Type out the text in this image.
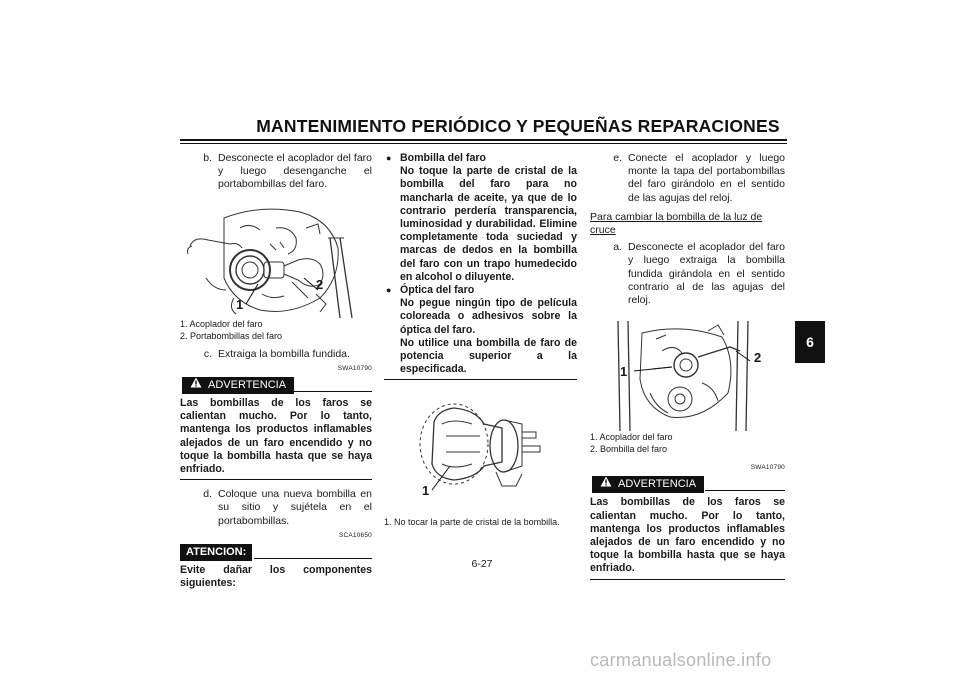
MANTENIMIENTO PERIÓDICO Y PEQUEÑAS REPARACIONES
6
b. Desconecte el acoplador del faro y luego desenganche el portabombillas del faro.
1
2
1. Acoplador del faro
2. Portabombillas del faro
c. Extraiga la bombilla fundida.
SWA10790
ADVERTENCIA
Las bombillas de los faros se calientan mucho. Por lo tanto, mantenga los productos inflamables alejados de un faro encendido y no toque la bombilla hasta que se haya enfriado.
d. Coloque una nueva bombilla en su sitio y sujétela en el portabombillas.
SCA10650
ATENCION:
Evite dañar los componentes siguientes:
● Bombilla del faro
No toque la parte de cristal de la bombilla del faro para no mancharla de aceite, ya que de lo contrario perdería transparencia, luminosidad y durabilidad. Elimine completamente toda suciedad y marcas de dedos en la bombilla del faro con un trapo humedecido en alcohol o diluyente.
● Óptica del faro
No pegue ningún tipo de película coloreada o adhesivos sobre la óptica del faro.
No utilice una bombilla de faro de potencia superior a la especificada.
1
1. No tocar la parte de cristal de la bombilla.
e. Conecte el acoplador y luego monte la tapa del portabombillas del faro girándolo en el sentido de las agujas del reloj.
Para cambiar la bombilla de la luz de cruce
a. Desconecte el acoplador del faro y luego extraiga la bombilla fundida girándola en el sentido contrario al de las agujas del reloj.
1
2
1. Acoplador del faro
2. Bombilla del faro
SWA10790
ADVERTENCIA
Las bombillas de los faros se calientan mucho. Por lo tanto, mantenga los productos inflamables alejados de un faro encendido y no toque la bombilla hasta que se haya enfriado.
6-27
carmanualsonline.info
